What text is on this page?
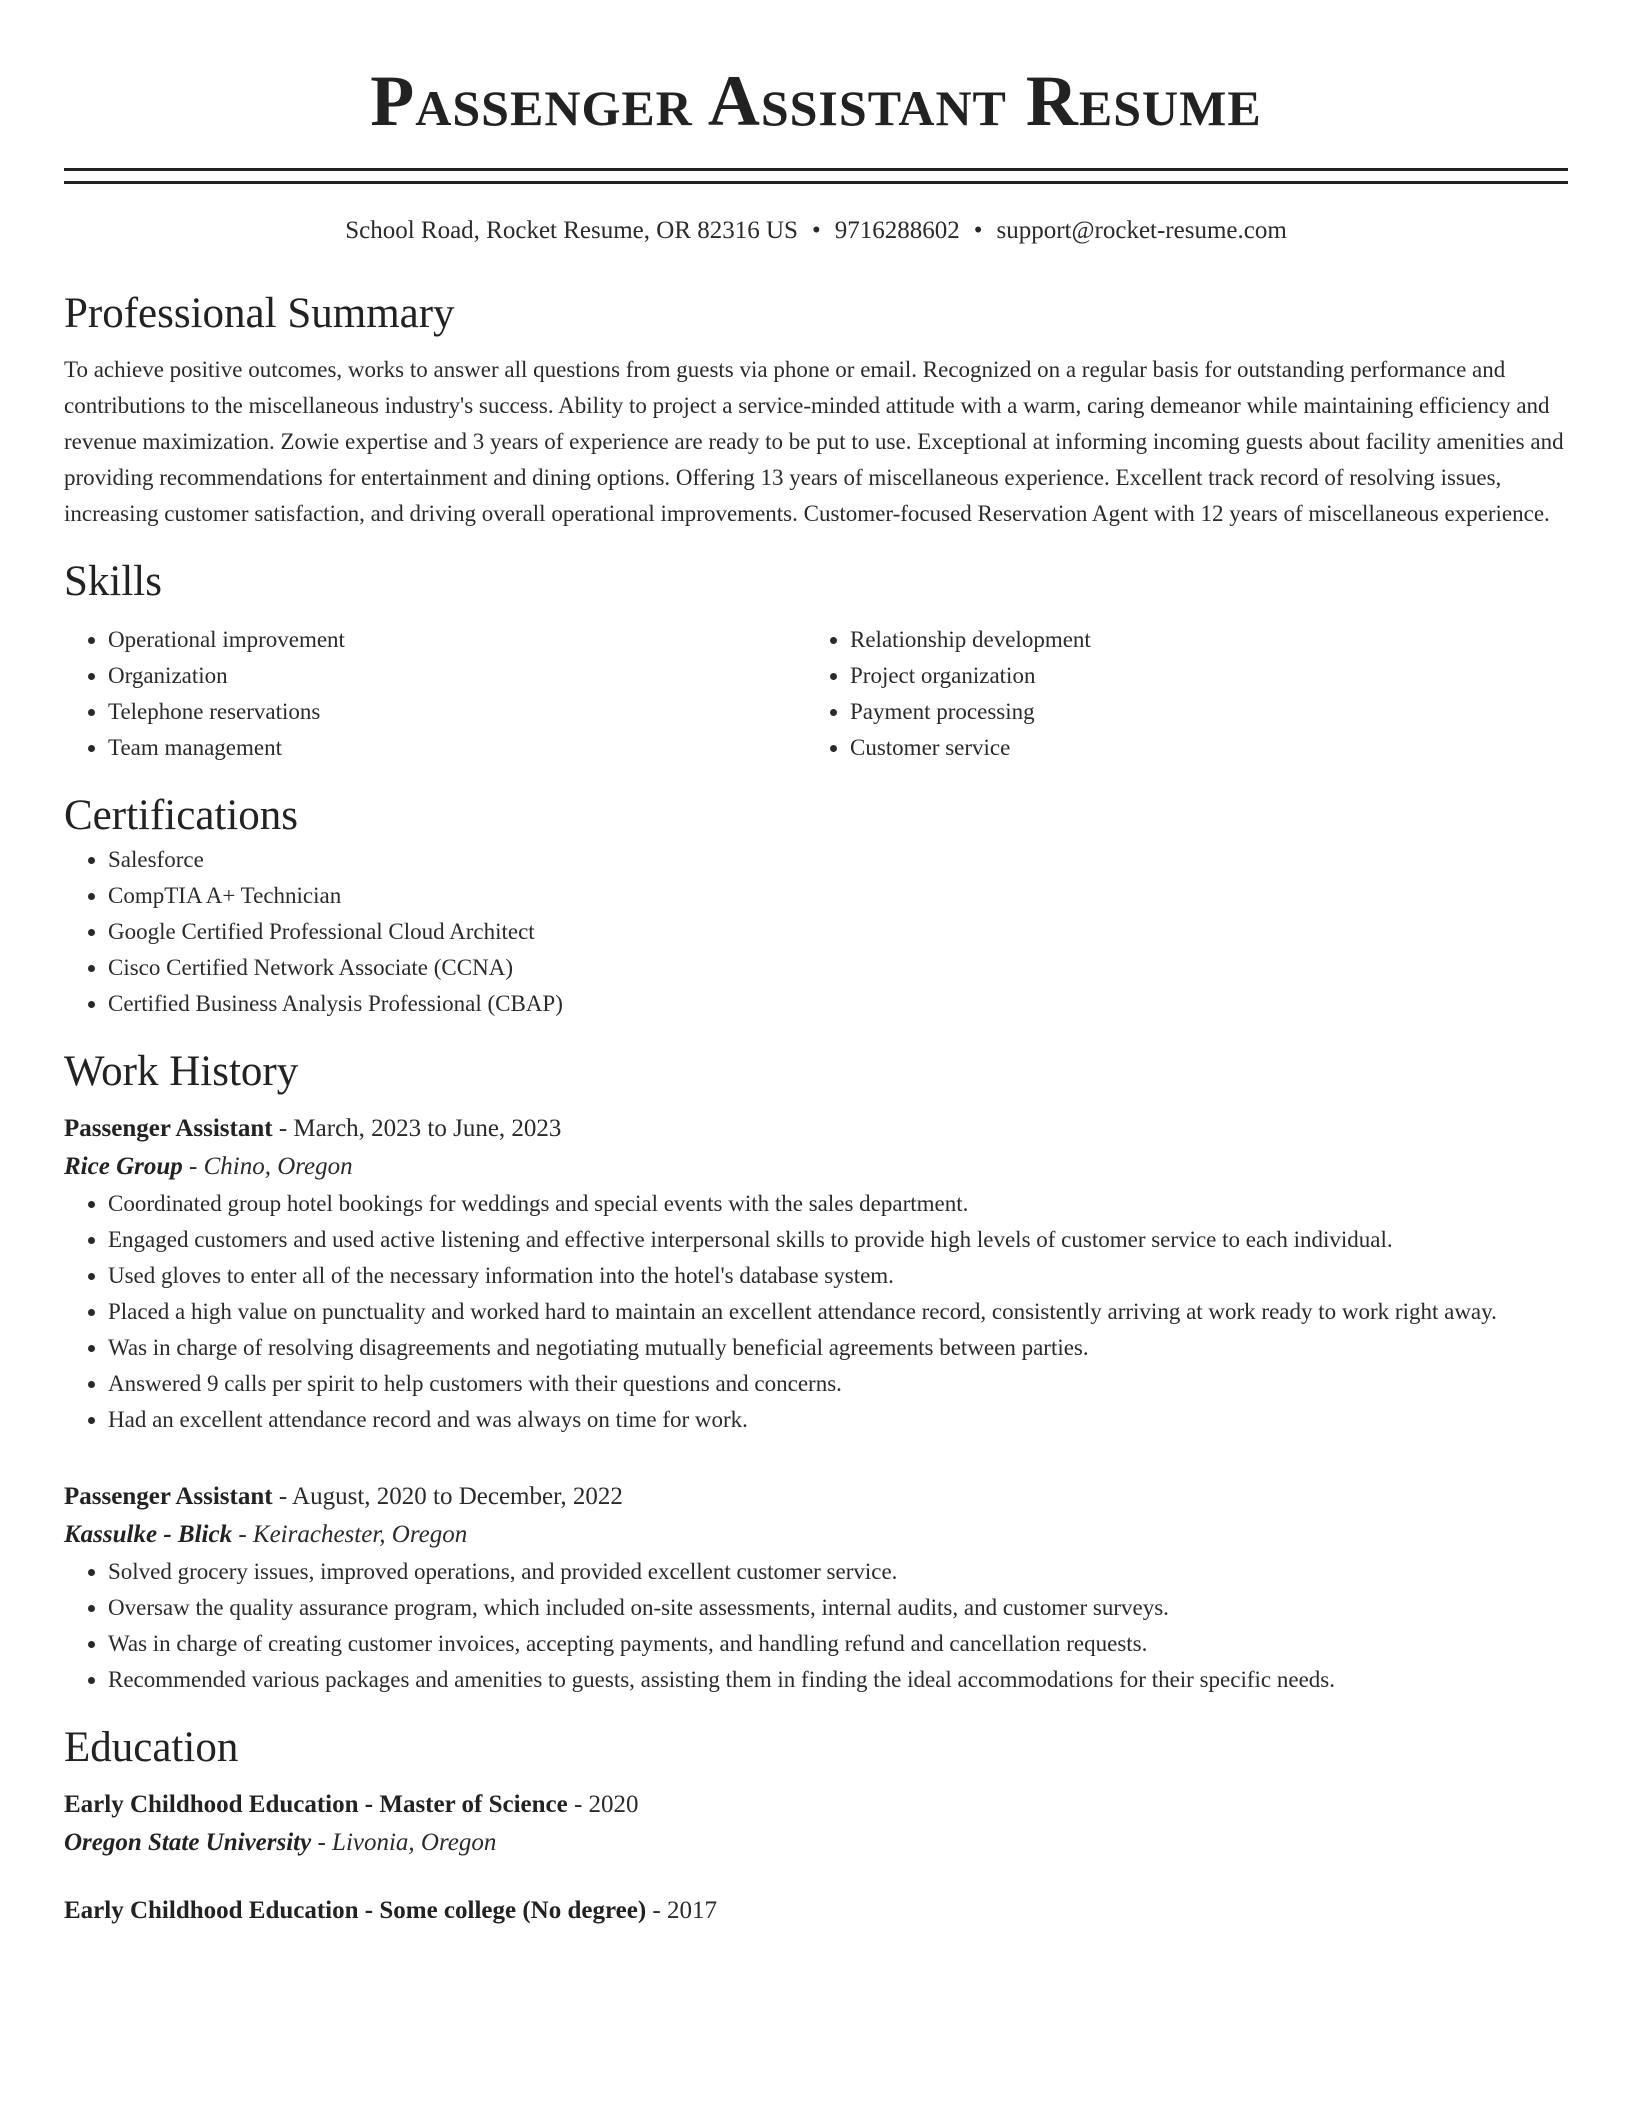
Passenger Assistant Resume
School Road, Rocket Resume, OR 82316 US • 9716288602 • support@rocket-resume.com
Professional Summary

To achieve positive outcomes, works to answer all questions from guests via phone or email. Recognized on a regular basis for outstanding performance and contributions to the miscellaneous industry's success. Ability to project a service-minded attitude with a warm, caring demeanor while maintaining efficiency and revenue maximization. Zowie expertise and 3 years of experience are ready to be put to use. Exceptional at informing incoming guests about facility amenities and providing recommendations for entertainment and dining options. Offering 13 years of miscellaneous experience. Excellent track record of resolving issues, increasing customer satisfaction, and driving overall operational improvements. Customer-focused Reservation Agent with 12 years of miscellaneous experience.

Skills
• Operational improvement
• Organization
• Telephone reservations
• Team management
• Relationship development
• Project organization
• Payment processing
• Customer service
Certifications
• Salesforce
• CompTIA A+ Technician
• Google Certified Professional Cloud Architect
• Cisco Certified Network Associate (CCNA)
• Certified Business Analysis Professional (CBAP)
Work History
Passenger Assistant - March, 2023 to June, 2023
Rice Group - Chino, Oregon
• Coordinated group hotel bookings for weddings and special events with the sales department.
• Engaged customers and used active listening and effective interpersonal skills to provide high levels of customer service to each individual.
• Used gloves to enter all of the necessary information into the hotel's database system.
• Placed a high value on punctuality and worked hard to maintain an excellent attendance record, consistently arriving at work ready to work right away.
• Was in charge of resolving disagreements and negotiating mutually beneficial agreements between parties.
• Answered 9 calls per spirit to help customers with their questions and concerns.
• Had an excellent attendance record and was always on time for work.
Passenger Assistant - August, 2020 to December, 2022
Kassulke - Blick - Keirachester, Oregon
• Solved grocery issues, improved operations, and provided excellent customer service.
• Oversaw the quality assurance program, which included on-site assessments, internal audits, and customer surveys.
• Was in charge of creating customer invoices, accepting payments, and handling refund and cancellation requests.
• Recommended various packages and amenities to guests, assisting them in finding the ideal accommodations for their specific needs.
Education
Early Childhood Education - Master of Science - 2020
Oregon State University - Livonia, Oregon
Early Childhood Education - Some college (No degree) - 2017
